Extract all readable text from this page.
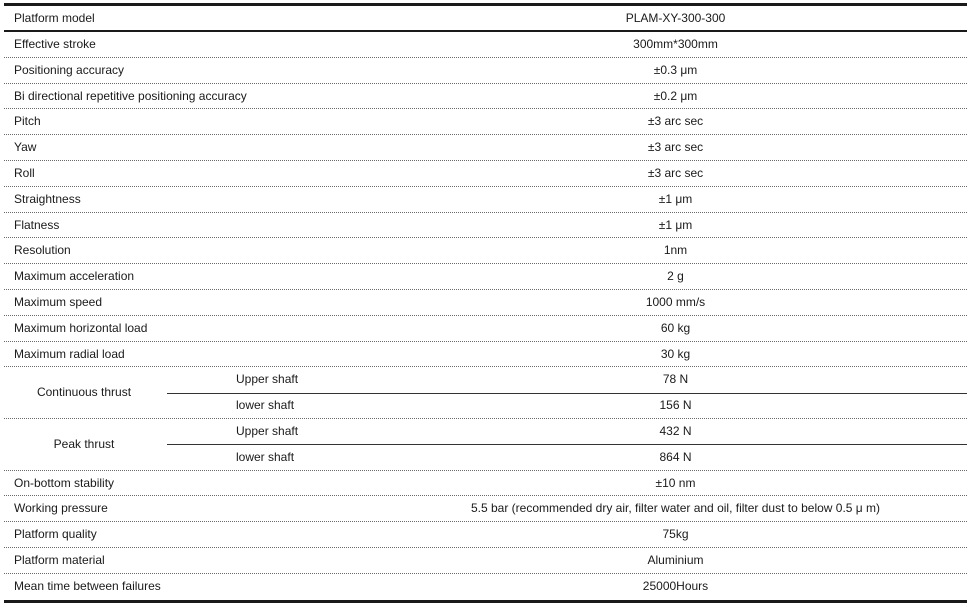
Platform model	PLAM-XY-300-300
Effective stroke	300mm*300mm
Positioning accuracy	±0.3 μm
Bi directional repetitive positioning accuracy	±0.2 μm
Pitch	±3 arc sec
Yaw	±3 arc sec
Roll	±3 arc sec
Straightness	±1 μm
Flatness	±1 μm
Resolution	1nm
Maximum acceleration	2 g
Maximum speed	1000 mm/s
Maximum horizontal load	60 kg
Maximum radial load	30 kg
Continuous thrust
Upper shaft	78 N
lower shaft	156 N
Peak thrust
Upper shaft	432 N
lower shaft	864 N
On-bottom stability	±10 nm
Working pressure	5.5 bar (recommended dry air, filter water and oil, filter dust to below 0.5 μ m)
Platform quality	75kg
Platform material	Aluminium
Mean time between failures	25000Hours
